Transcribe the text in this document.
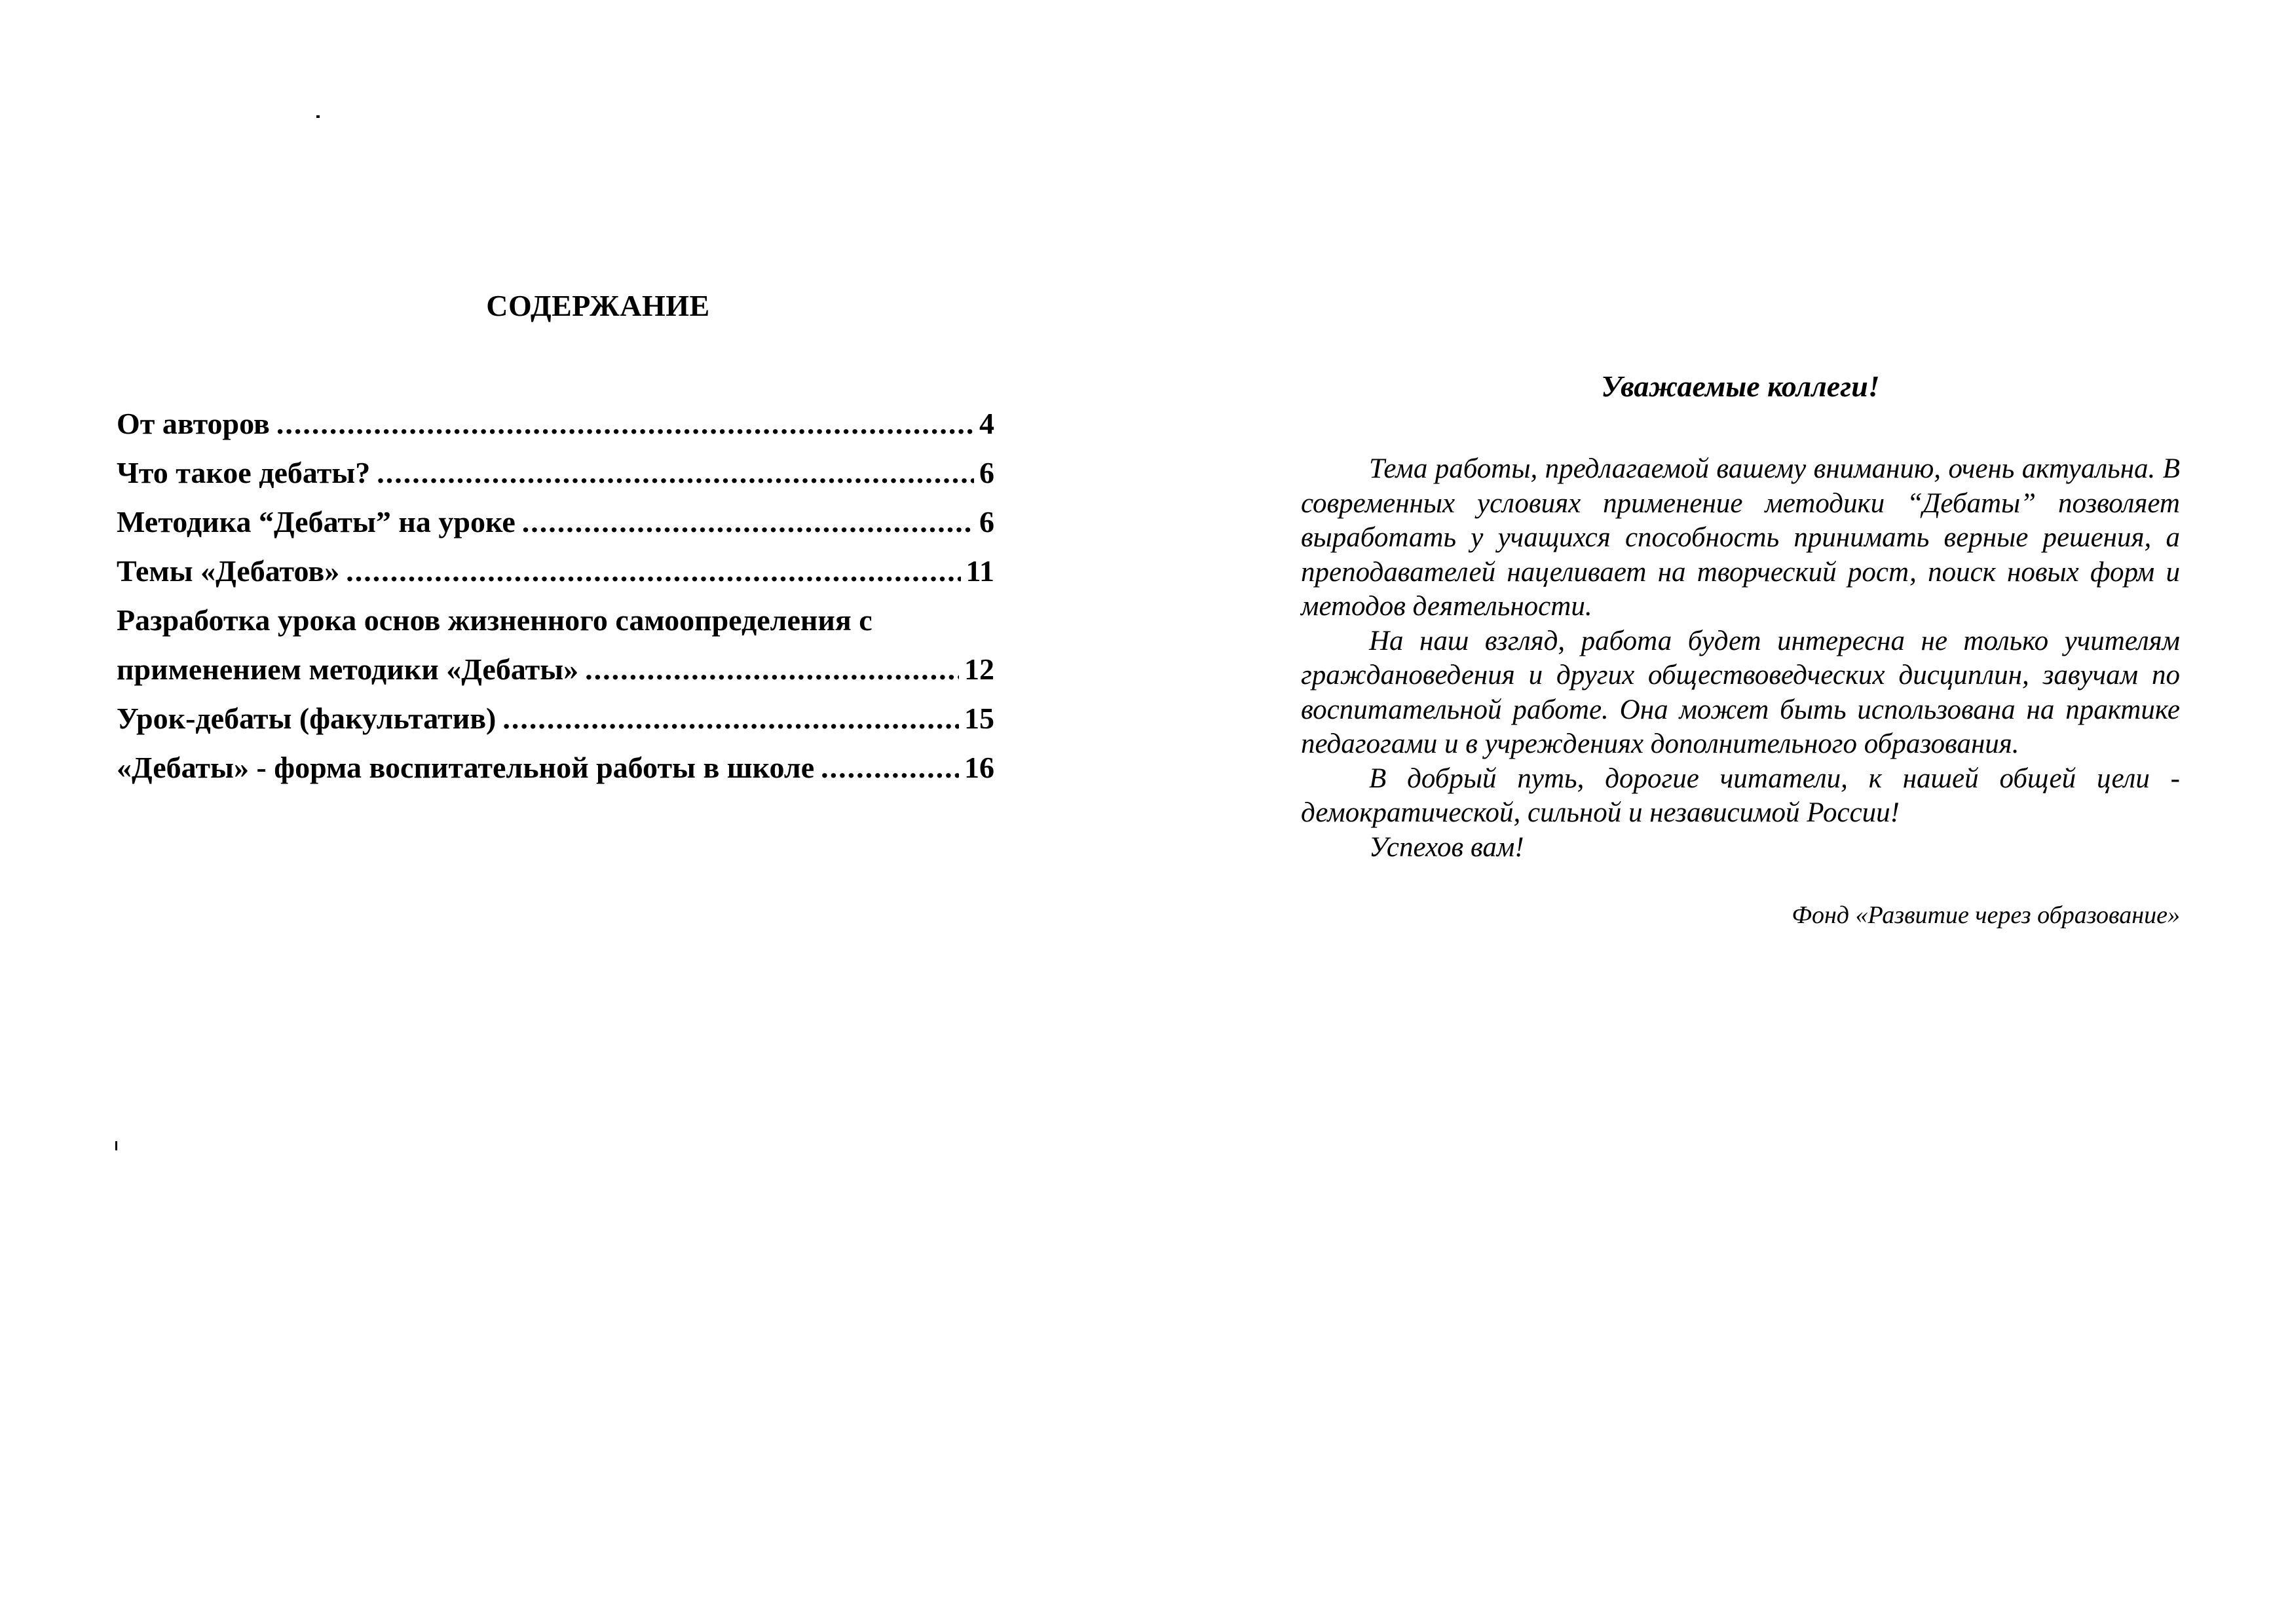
СОДЕРЖАНИЕ
От авторов .....	4
Что такое дебаты? .....	6
Методика “Дебаты” на уроке .....	6
Темы «Дебатов» .....	11
Разработка урока основ жизненного самоопределения с
применением методики «Дебаты» .....	12
Урок-дебаты (факультатив) .....	15
«Дебаты» - форма воспитательной работы в школе .....	16
Уважаемые коллеги!

Тема работы, предлагаемой вашему вниманию, очень актуальна. В современных условиях применение методики “Дебаты” позволяет выработать у учащихся способность принимать верные решения, а преподавателей нацеливает на творческий рост, поиск новых форм и методов деятельности.

На наш взгляд, работа будет интересна не только учителям граждановедения и других обществоведческих дисциплин, завучам по воспитательной работе. Она может быть использована на практике педагогами и в учреждениях дополнительного образования.

В добрый путь, дорогие читатели, к нашей общей цели - демократической, сильной и независимой России!

Успехов вам!

Фонд «Развитие через образование»
